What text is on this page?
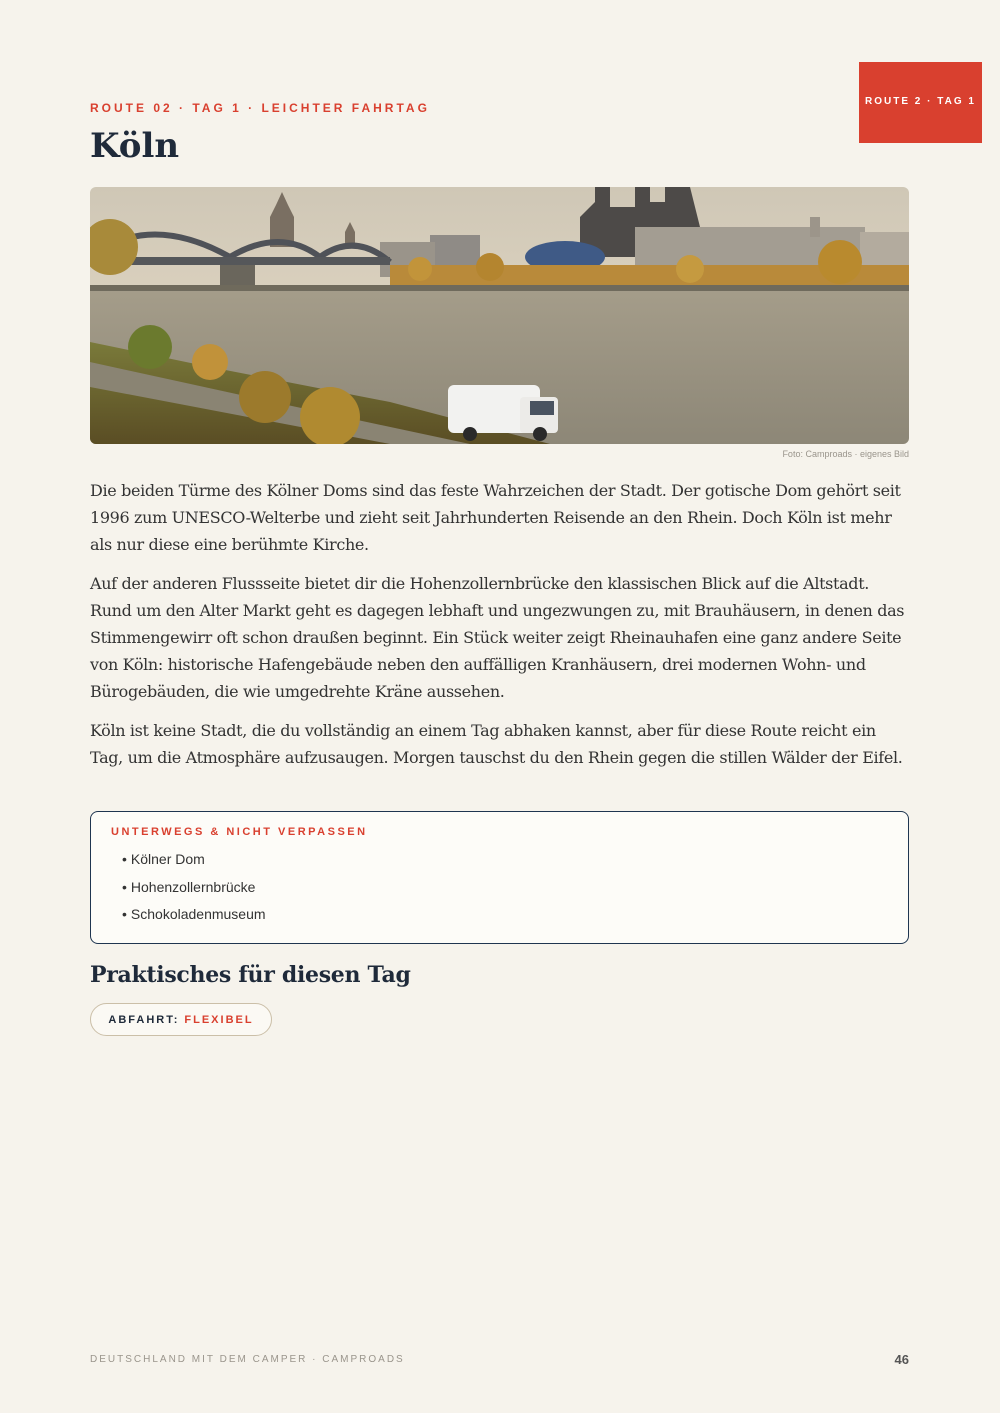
ROUTE 2 · TAG 1
ROUTE 02 · TAG 1 · LEICHTER FAHRTAG
Köln
Foto: Camproads · eigenes Bild

Die beiden Türme des Kölner Doms sind das feste Wahrzeichen der Stadt. Der gotische Dom gehört seit 1996 zum UNESCO-Welterbe und zieht seit Jahrhunderten Reisende an den Rhein. Doch Köln ist mehr als nur diese eine berühmte Kirche.

Auf der anderen Flussseite bietet dir die Hohenzollernbrücke den klassischen Blick auf die Altstadt. Rund um den Alter Markt geht es dagegen lebhaft und ungezwungen zu, mit Brauhäusern, in denen das Stimmengewirr oft schon draußen beginnt. Ein Stück weiter zeigt Rheinauhafen eine ganz andere Seite von Köln: historische Hafengebäude neben den auffälligen Kranhäusern, drei modernen Wohn- und Bürogebäuden, die wie umgedrehte Kräne aussehen.

Köln ist keine Stadt, die du vollständig an einem Tag abhaken kannst, aber für diese Route reicht ein Tag, um die Atmosphäre aufzusaugen. Morgen tauschst du den Rhein gegen die stillen Wälder der Eifel.

UNTERWEGS & NICHT VERPASSEN
• Kölner Dom
• Hohenzollernbrücke
• Schokoladenmuseum
Praktisches für diesen Tag
ABFAHRT: FLEXIBEL
DEUTSCHLAND MIT DEM CAMPER · CAMPROADS	46
